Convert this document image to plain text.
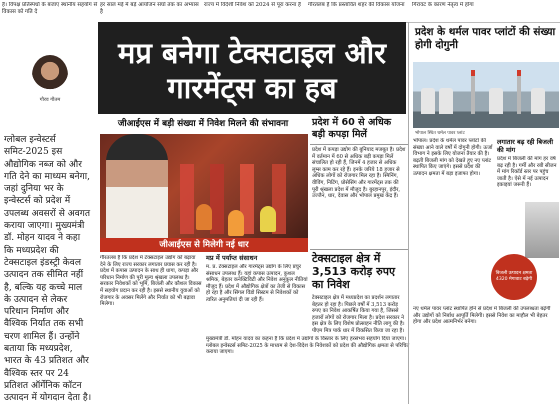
हैं। विपक्ष प्रतिस्पर्धा के बजाए स्थानीय सहयोग से विकास को गति दे
हर साल मई में बड़े आयोजन संघों तक का अभ्यास है
राज्य में विदेशी निवेश को 2024 से पूरा करना है	गौरतलब है कि प्रस्तावित शहर की विकास योजना गिरावट के कारण नेतृत्व में होगा
गौरव गौतम
ग्लोबल इन्वेस्टर्स समिट-2025 इस औद्योगिक नब्ज को और गति देने का माध्यम बनेगा, जहां दुनिया भर के इन्वेस्टर्स को प्रदेश में उपलब्ध अवसरों से अवगत कराया जाएगा। मुख्यमंत्री डॉ. मोहन यादव ने कहा कि मध्यप्रदेश की टेक्सटाइल इंडस्ट्री केवल उत्पादन तक सीमित नहीं है, बल्कि यह कच्चे माल के उत्पादन से लेकर परिधान निर्माण और वैश्विक निर्यात तक सभी चरण शामिल हैं। उन्होंने बताया कि मध्यप्रदेश, भारत के 43 प्रतिशत और वैश्विक स्तर पर 24 प्रतिशत ऑर्गेनिक कॉटन उत्पादन में योगदान देता है।
मप्र बनेगा टेक्सटाइल और
गारमेंट्स का हब
जीआईएस में बड़ी संख्या में निवेश मिलने की संभावना
जीआईएस से मिलेगी नई धार
प्रदेश में 60 से अधिक बड़ी कपड़ा मिलें
प्रदेश में कपड़ा उद्योग की बुनियाद मजबूत है। प्रदेश में वर्तमान में 60 से अधिक बड़ी कपड़ा मिलें संचालित हो रही हैं, जिनमें 4 हजार से अधिक लूम्स काम कर रहे हैं। इनके जरिये 18 हजार से अधिक लोगों को रोजगार मिल रहा है। स्पिनिंग, वीविंग, निटिंग, प्रोसेसिंग और गारमेंट्स तक की पूरी श्रृंखला प्रदेश में मौजूद है। बुरहानपुर, इंदौर, उज्जैन, धार, देवास और भोपाल प्रमुख केंद्र हैं।
टेक्सटाइल क्षेत्र में 3,513 करोड़ रुपए का निवेश
टेक्सटाइल क्षेत्र में मध्यप्रदेश का प्रदर्शन लगातार बेहतर हो रहा है। पिछले वर्षों में 3,513 करोड़ रुपए का निवेश आकर्षित किया गया है, जिससे हजारों लोगों को रोजगार मिला है। प्रदेश सरकार ने इस क्षेत्र के लिए विशेष प्रोत्साहन नीति लागू की है। पीएम मित्र पार्क धार में विकसित किया जा रहा है।
गौरतलब है कि प्रदेश में टेक्सटाइल उद्योग को बढ़ावा देने के लिए राज्य सरकार लगातार प्रयास कर रही है। प्रदेश में कपास उत्पादन के साथ ही धागा, कपड़ा और परिधान निर्माण की पूरी मूल्य श्रृंखला उपलब्ध है। सरकार निवेशकों को भूमि, बिजली और कौशल विकास में सहयोग प्रदान कर रही है। इससे स्थानीय युवाओं को रोजगार के अवसर मिलेंगे और निर्यात को भी बढ़ावा मिलेगा।
मप्र में पर्याप्त संसाधन
म. प्र. टेक्सटाइल और गारमेंट्स उद्योग के लिए प्रचुर संसाधन उपलब्ध हैं। यहां कपास उत्पादन, कुशल श्रमिक, बेहतर कनेक्टिविटी और निवेश अनुकूल नीतियां मौजूद हैं। प्रदेश में औद्योगिक क्षेत्रों का तेजी से विकास हो रहा है और सिंगल विंडो सिस्टम से निवेशकों को त्वरित अनुमतियां दी जा रही हैं।
मुख्यमंत्री डॉ. मोहन यादव का कहना है कि प्रदेश में उद्योगों के विस्तार के लिए हरसंभव सहयोग दिया जाएगा। ग्लोबल इन्वेस्टर्स समिट-2025 के माध्यम से देश-विदेश के निवेशकों को प्रदेश की औद्योगिक क्षमता से परिचित कराया जाएगा।
प्रदेश के थर्मल पावर प्लांटों की संख्या होगी दोगुनी
भोपाल स्थित थर्मल पावर प्लांट
भोपाल। प्रदेश के थर्मल पावर प्लांटों की संख्या आने वाले वर्षों में दोगुनी होगी। ऊर्जा विभाग ने इसके लिए योजना तैयार की है। बढ़ती बिजली मांग को देखते हुए नए प्लांट स्थापित किए जाएंगे। इससे प्रदेश की उत्पादन क्षमता में बड़ा इजाफा होगा।
लगातार बढ़ रही बिजली की मांग
प्रदेश में बिजली की मांग हर वर्ष बढ़ रही है। गर्मी और रबी सीजन में मांग रिकॉर्ड स्तर पर पहुंच जाती है। ऐसे में नई उत्पादन इकाइयां जरूरी हैं।
बिजली उत्पादन क्षमता 4320 मेगावाट बढ़ेगी
नए थर्मल पावर प्लांट स्थापित होने से प्रदेश में बिजली की उपलब्धता बढ़ेगी और उद्योगों को निर्बाध आपूर्ति मिलेगी। इससे निवेश का माहौल भी बेहतर होगा और प्रदेश आत्मनिर्भर बनेगा।
